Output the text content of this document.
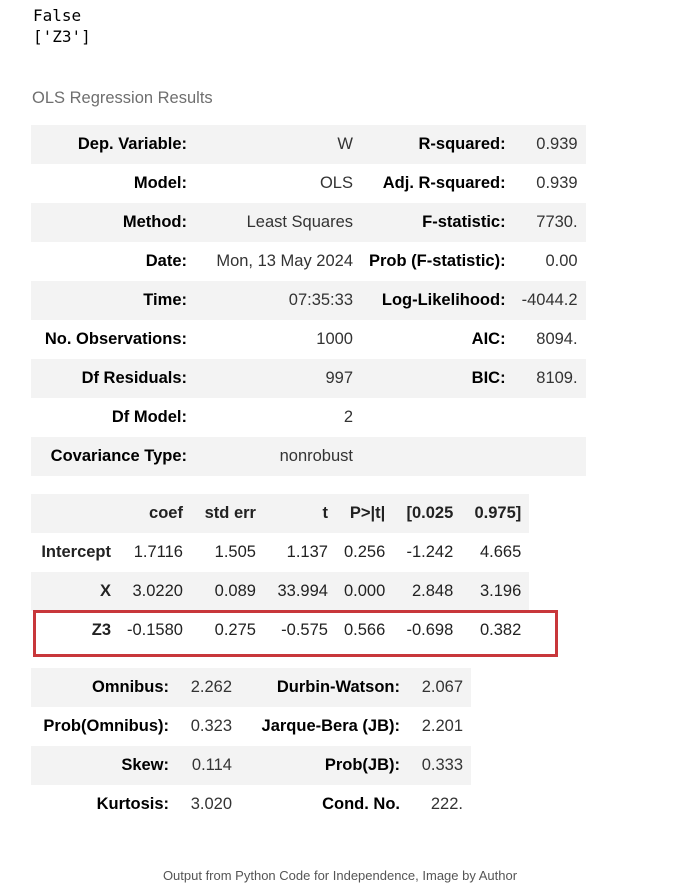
False
['Z3']
OLS Regression Results
Dep. Variable:	W	R-squared:	0.939
Model:	OLS	Adj. R-squared:	0.939
Method:	Least Squares	F-statistic:	7730.
Date:	Mon, 13 May 2024	Prob (F-statistic):	0.00
Time:	07:35:33	Log-Likelihood:	-4044.2
No. Observations:	1000	AIC:	8094.
Df Residuals:	997	BIC:	8109.
Df Model:	2		
Covariance Type:	nonrobust		
	coef	std err	t	P>|t|	[0.025	0.975]
Intercept	1.7116	1.505	1.137	0.256	-1.242	4.665
X	3.0220	0.089	33.994	0.000	2.848	3.196
Z3	-0.1580	0.275	-0.575	0.566	-0.698	0.382
Omnibus:	2.262	Durbin-Watson:	2.067
Prob(Omnibus):	0.323	Jarque-Bera (JB):	2.201
Skew:	0.114	Prob(JB):	0.333
Kurtosis:	3.020	Cond. No.	222.
Output from Python Code for Independence, Image by Author
